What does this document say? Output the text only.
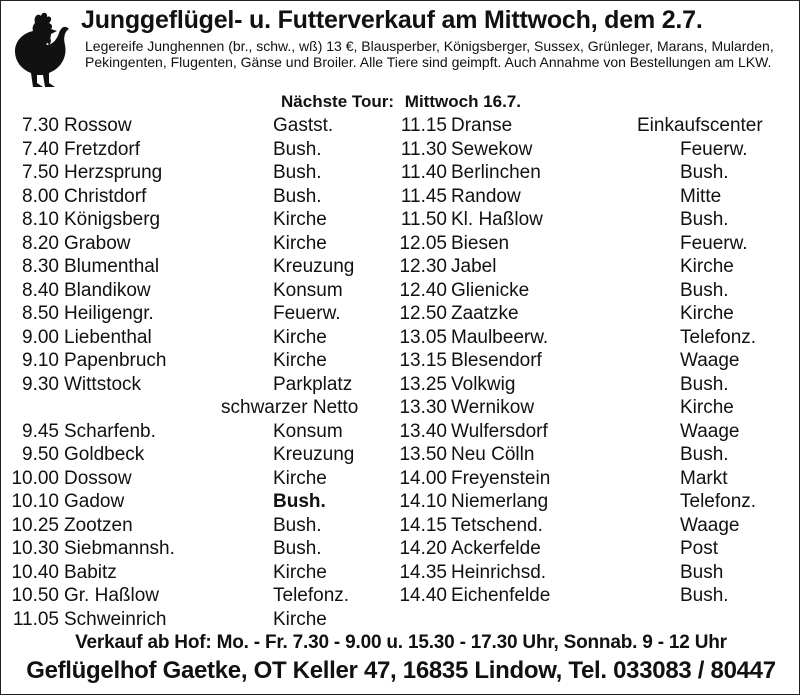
Junggeflügel- u. Futterverkauf am Mittwoch, dem 2.7.
Legereife Junghennen (br., schw., wß) 13 €, Blausperber, Königsberger, Sussex, Grünleger, Marans, Mularden, Pekingenten, Flugenten, Gänse und Broiler. Alle Tiere sind geimpft. Auch Annahme von Bestellungen am LKW.
Nächste Tour: Mittwoch 16.7.
7.30 Rossow	Gastst.
7.40 Fretzdorf	Bush.
7.50 Herzsprung	Bush.
8.00 Christdorf	Bush.
8.10 Königsberg	Kirche
8.20 Grabow	Kirche
8.30 Blumenthal	Kreuzung
8.40 Blandikow	Konsum
8.50 Heiligengr.	Feuerw.
9.00 Liebenthal	Kirche
9.10 Papenbruch	Kirche
9.30 Wittstock	Parkplatz
schwarzer Netto
9.45 Scharfenb.	Konsum
9.50 Goldbeck	Kreuzung
10.00 Dossow	Kirche
10.10 Gadow	Bush.
10.25 Zootzen	Bush.
10.30 Siebmannsh.	Bush.
10.40 Babitz	Kirche
10.50 Gr. Haßlow	Telefonz.
11.05 Schweinrich	Kirche
11.15 Dranse	Einkaufscenter
11.30 Sewekow	Feuerw.
11.40 Berlinchen	Bush.
11.45 Randow	Mitte
11.50 Kl. Haßlow	Bush.
12.05 Biesen	Feuerw.
12.30 Jabel	Kirche
12.40 Glienicke	Bush.
12.50 Zaatzke	Kirche
13.05 Maulbeerw.	Telefonz.
13.15 Blesendorf	Waage
13.25 Volkwig	Bush.
13.30 Wernikow	Kirche
13.40 Wulfersdorf	Waage
13.50 Neu Cölln	Bush.
14.00 Freyenstein	Markt
14.10 Niemerlang	Telefonz.
14.15 Tetschend.	Waage
14.20 Ackerfelde	Post
14.35 Heinrichsd.	Bush
14.40 Eichenfelde	Bush.
Verkauf ab Hof: Mo. - Fr. 7.30 - 9.00 u. 15.30 - 17.30 Uhr, Sonnab. 9 - 12 Uhr
Geflügelhof Gaetke, OT Keller 47, 16835 Lindow, Tel. 033083 / 80447
